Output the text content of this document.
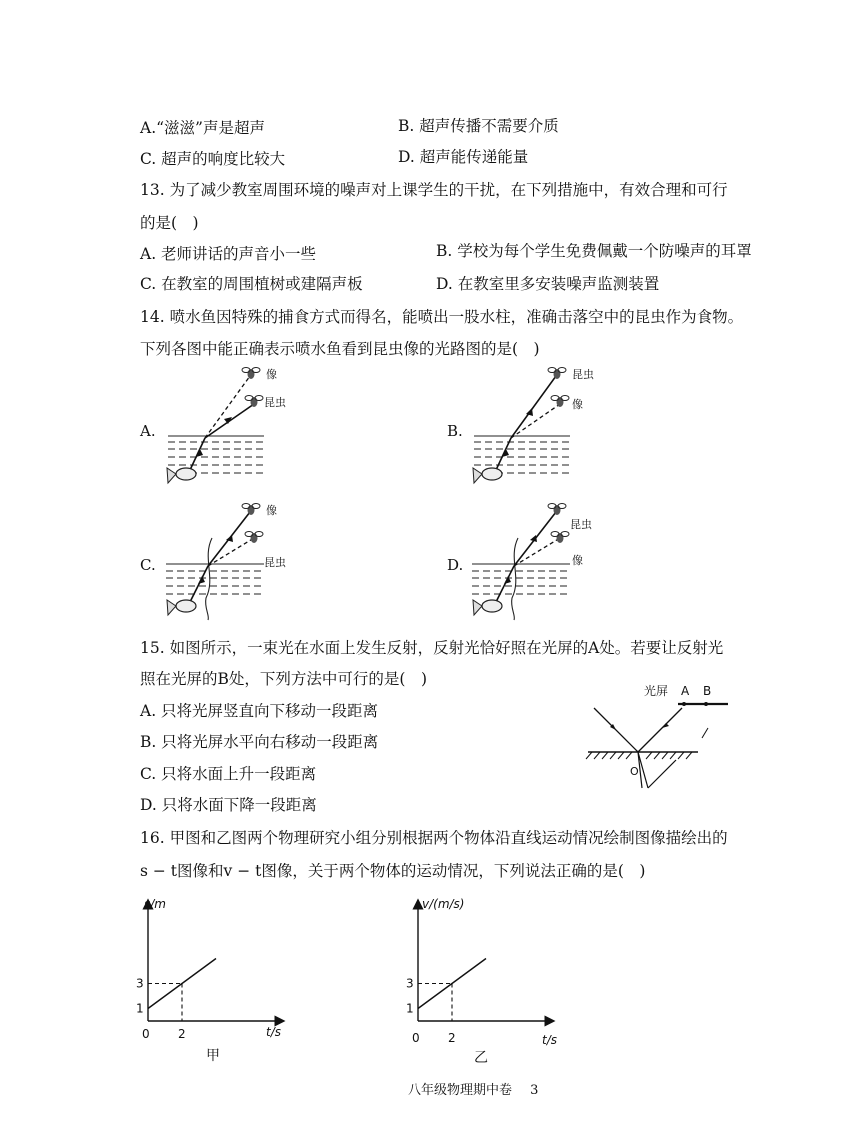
A.“滋滋”声是超声	B. 超声传播不需要介质
C. 超声的响度比较大	D. 超声能传递能量
13. 为了减少教室周围环境的噪声对上课学生的干扰，在下列措施中，有效合理和可行
的是(　)
A. 老师讲话的声音小一些	B. 学校为每个学生免费佩戴一个防噪声的耳罩
C. 在教室的周围植树或建隔声板	D. 在教室里多安装噪声监测装置
14. 喷水鱼因特殊的捕食方式而得名，能喷出一股水柱，准确击落空中的昆虫作为食物。
下列各图中能正确表示喷水鱼看到昆虫像的光路图的是(　)
A.	B.
C.	D.
昆虫
像	昆虫
像
像
昆虫
昆虫
像
15. 如图所示，一束光在水面上发生反射，反射光恰好照在光屏的A处。若要让反射光
照在光屏的B处，下列方法中可行的是(　)
A. 只将光屏竖直向下移动一段距离
B. 只将光屏水平向右移动一段距离
C. 只将水面上升一段距离
D. 只将水面下降一段距离
光屏 A B
O
16. 甲图和乙图两个物理研究小组分别根据两个物体沿直线运动情况绘制图像描绘出的
s − t图像和v − t图像，关于两个物体的运动情况，下列说法正确的是(　)
s/m
t/s
0 2
1
3
甲
v/(m/s)
t/s
0 2
1
3
乙
八年级物理期中卷 3
